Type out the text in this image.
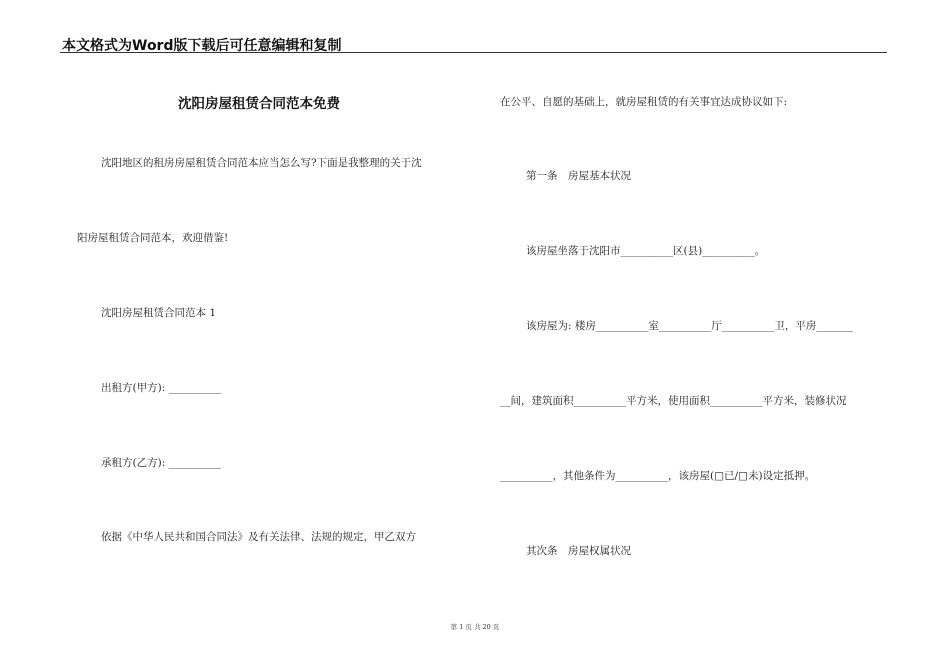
本文格式为Word版下载后可任意编辑和复制
沈阳房屋租赁合同范本免费
沈阳地区的租房房屋租赁合同范本应当怎么写?下面是我整理的关于沈
阳房屋租赁合同范本，欢迎借鉴!
沈阳房屋租赁合同范本 1
出租方(甲方): __________
承租方(乙方): __________
依据《中华人民共和国合同法》及有关法律、法规的规定，甲乙双方
在公平、自愿的基础上，就房屋租赁的有关事宜达成协议如下:
第一条　房屋基本状况
该房屋坐落于沈阳市__________区(县)__________。
该房屋为: 楼房__________室__________厅__________卫，平房_______
__间，建筑面积__________平方米，使用面积__________平方米，装修状况
__________，其他条件为__________，该房屋(□已/□未)设定抵押。
其次条　房屋权属状况
第 1 页 共 20 页
